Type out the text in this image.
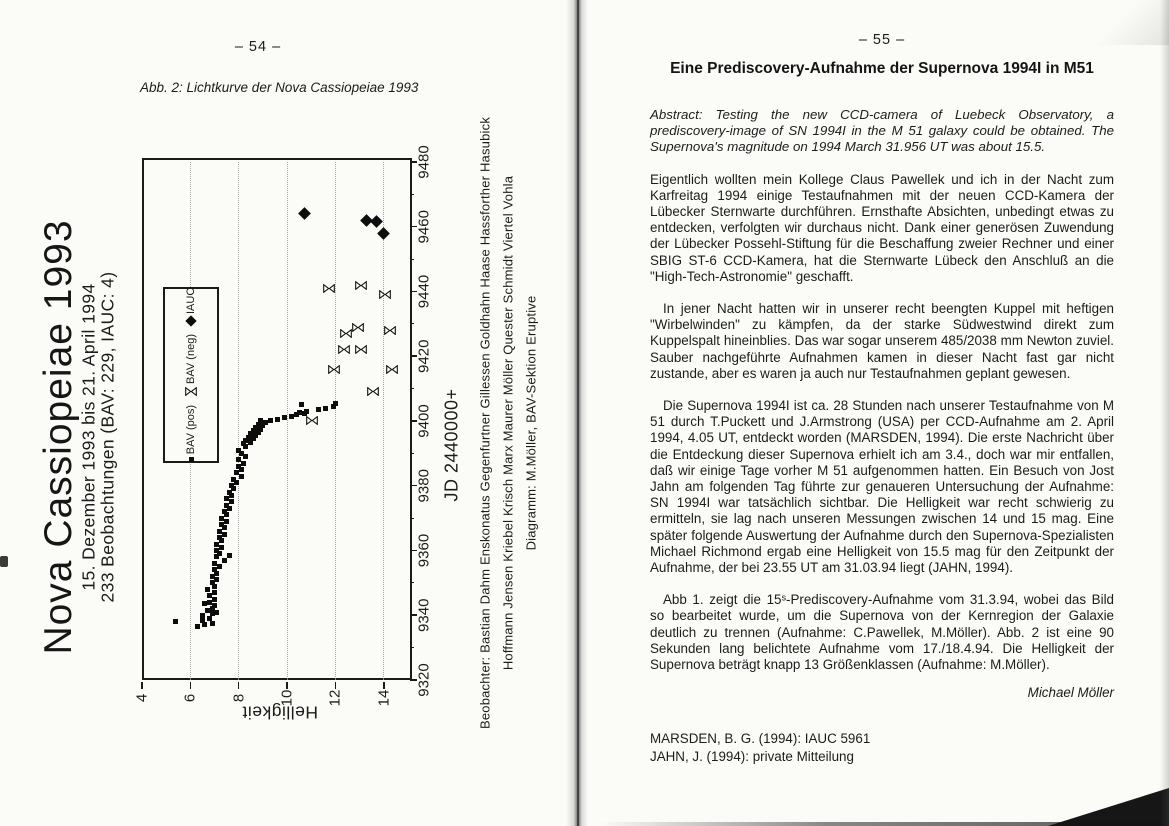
– 54 –
Abb. 2: Lichtkurve der Nova Cassiopeiae 1993
Nova Cassiopeiae 1993
15. Dezember 1993 bis 21. April 1994 233 Beobachtungen (BAV: 229, IAUC: 4)
9320
9340
9360
9380
9400
9420
9440
9460
9480
4 6 8 10 12 14
BAV (pos)
BAV (neg)
IAUC
Helligkeit
JD 2440000+ Beobachter: Bastian Dahm Enskonatus Gegenfurtner Gillessen Goldhahn Haase Hassforther Hasubick Hoffmann Jensen Kriebel Krisch Marx Maurer Möller Quester Schmidt Viertel Vohla Diagramm: M.Möller, BAV-Sektion Eruptive
– 55 –
Eine Prediscovery-Aufnahme der Supernova 1994I in M51
Abstract: Testing the new CCD-camera of Luebeck Observatory, a prediscovery-image of SN 1994I in the M 51 galaxy could be obtained. The Supernova's magnitude on 1994 March 31.956 UT was about 15.5.
Eigentlich wollten mein Kollege Claus Pawellek und ich in der Nacht zum Karfreitag 1994 einige Testaufnahmen mit der neuen CCD-Kamera der Lübecker Sternwarte durchführen. Ernsthafte Absichten, unbedingt etwas zu entdecken, verfolgten wir durchaus nicht. Dank einer generösen Zuwendung der Lübecker Possehl-Stiftung für die Beschaffung zweier Rechner und einer SBIG ST-6 CCD-Kamera, hat die Sternwarte Lübeck den Anschluß an die "High-Tech-Astronomie" geschafft.
In jener Nacht hatten wir in unserer recht beengten Kuppel mit heftigen "Wirbelwinden" zu kämpfen, da der starke Südwestwind direkt zum Kuppelspalt hineinblies. Das war sogar unserem 485/2038 mm Newton zuviel. Sauber nachgeführte Aufnahmen kamen in dieser Nacht fast gar nicht zustande, aber es waren ja auch nur Testaufnahmen geplant gewesen.
Die Supernova 1994I ist ca. 28 Stunden nach unserer Testaufnahme von M 51 durch T.Puckett und J.Armstrong (USA) per CCD-Aufnahme am 2. April 1994, 4.05 UT, entdeckt worden (MARSDEN, 1994). Die erste Nachricht über die Entdeckung dieser Supernova erhielt ich am 3.4., doch war mir entfallen, daß wir einige Tage vorher M 51 aufgenommen hatten. Ein Besuch von Jost Jahn am folgenden Tag führte zur genaueren Untersuchung der Aufnahme: SN 1994I war tatsächlich sichtbar. Die Helligkeit war recht schwierig zu ermitteln, sie lag nach unseren Messungen zwischen 14 und 15 mag. Eine später folgende Auswertung der Aufnahme durch den Supernova-Spezialisten Michael Richmond ergab eine Helligkeit von 15.5 mag für den Zeitpunkt der Aufnahme, der bei 23.55 UT am 31.03.94 liegt (JAHN, 1994).
Abb 1. zeigt die 15ˢ-Prediscovery-Aufnahme vom 31.3.94, wobei das Bild so bearbeitet wurde, um die Supernova von der Kernregion der Galaxie deutlich zu trennen (Aufnahme: C.Pawellek, M.Möller). Abb. 2 ist eine 90 Sekunden lang belichtete Aufnahme vom 17./18.4.94. Die Helligkeit der Supernova beträgt knapp 13 Größenklassen (Aufnahme: M.Möller).
Michael Möller
MARSDEN, B. G. (1994): IAUC 5961
JAHN, J. (1994): private Mitteilung
